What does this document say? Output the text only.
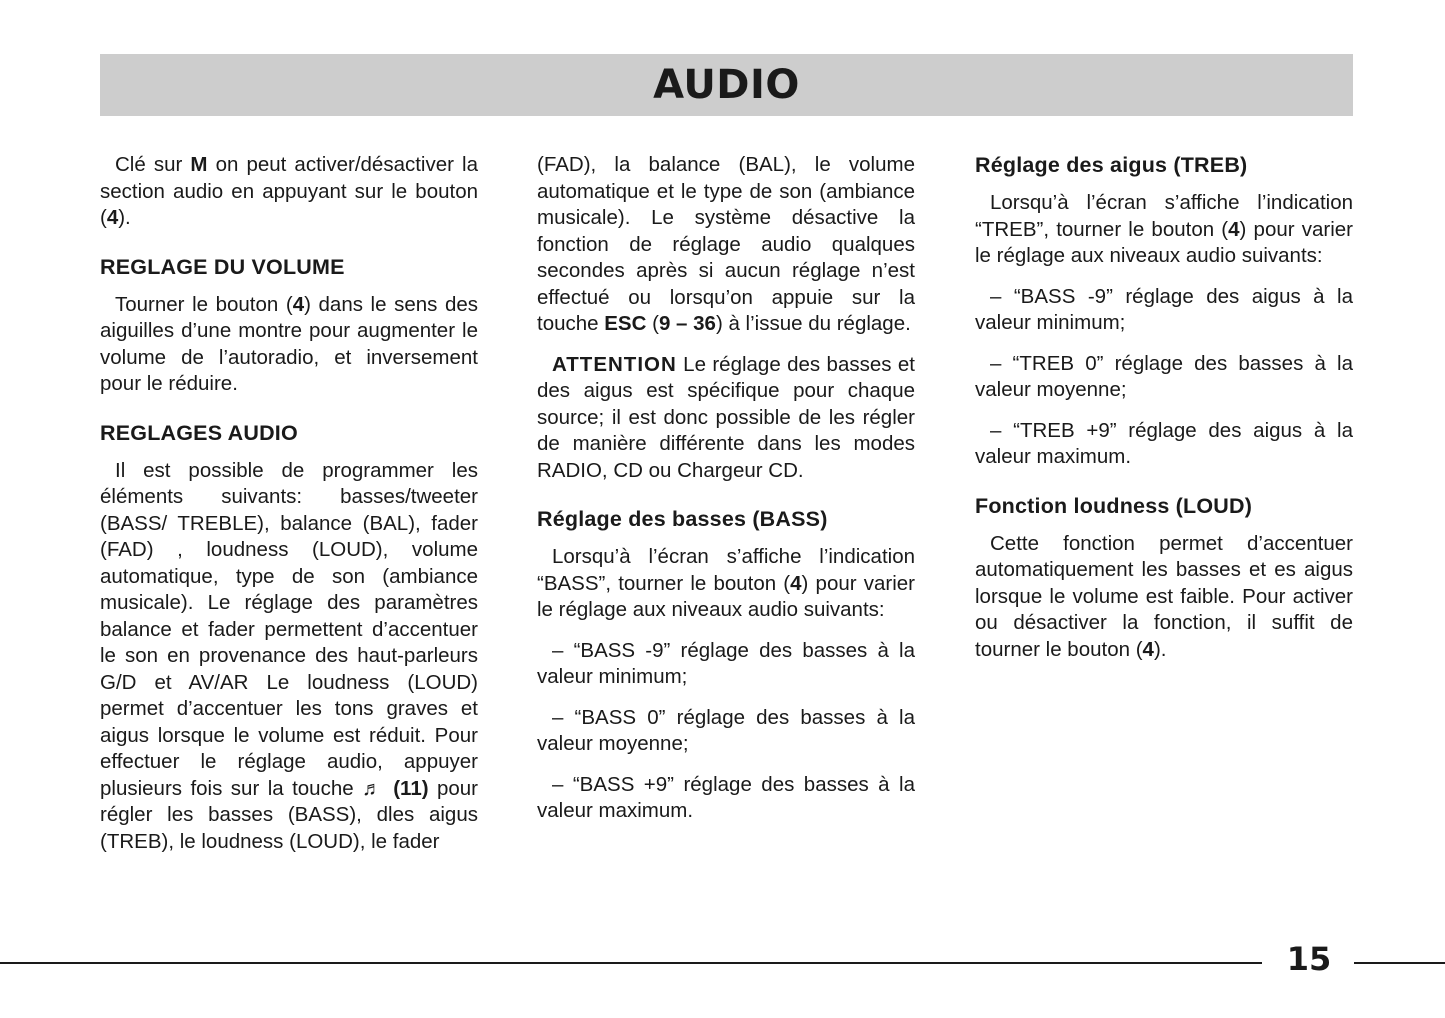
AUDIO

Clé sur M on peut activer/désactiver la section audio en appuyant sur le bouton (4).

REGLAGE DU VOLUME

Tourner le bouton (4) dans le sens des aiguilles d’une montre pour augmenter le volume de l’autoradio, et inversement pour le réduire.

REGLAGES AUDIO

Il est possible de programmer les éléments suivants: basses/tweeter (BASS/ TREBLE), balance (BAL), fader (FAD) , loudness (LOUD), volume automatique, type de son (ambiance musicale). Le réglage des paramètres balance et fader permettent d’accentuer le son en provenance des haut-parleurs G/D et AV/AR Le loudness (LOUD) permet d’accentuer les tons graves et aigus lorsque le volume est réduit. Pour effectuer le réglage audio, appuyer plusieurs fois sur la touche ♬ (11) pour régler les basses (BASS), dles aigus (TREB), le loudness (LOUD), le fader

(FAD), la balance (BAL), le volume automatique et le type de son (ambiance musicale). Le système désactive la fonction de réglage audio qualques secondes après si aucun réglage n’est effectué ou lorsqu’on appuie sur la touche ESC (9 – 36) à l’issue du réglage.

ATTENTION Le réglage des basses et des aigus est spécifique pour chaque source; il est donc possible de les régler de manière différente dans les modes RADIO, CD ou Chargeur CD.

Réglage des basses (BASS)

Lorsqu’à l’écran s’affiche l’indication “BASS”, tourner le bouton (4) pour varier le réglage aux niveaux audio suivants:

– “BASS -9” réglage des basses à la valeur minimum;

– “BASS 0” réglage des basses à la valeur moyenne;

– “BASS +9” réglage des basses à la valeur maximum.

Réglage des aigus (TREB)

Lorsqu’à l’écran s’affiche l’indication “TREB”, tourner le bouton (4) pour varier le réglage aux niveaux audio suivants:

– “BASS -9” réglage des aigus à la valeur minimum;

– “TREB 0” réglage des basses à la valeur moyenne;

– “TREB +9” réglage des aigus à la valeur maximum.

Fonction loudness (LOUD)

Cette fonction permet d’accentuer automatiquement les basses et es aigus lorsque le volume est faible. Pour activer ou désactiver la fonction, il suffit de tourner le bouton (4).

15
